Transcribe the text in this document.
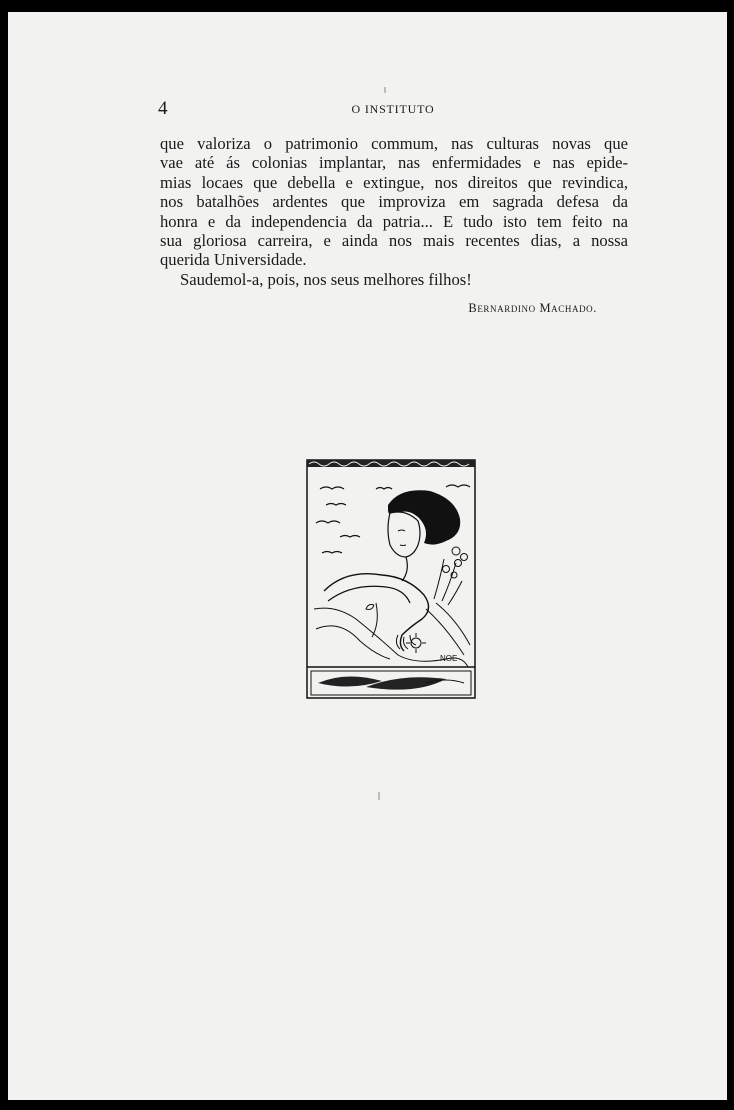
4	O INSTITUTO
que valoriza o patrimonio commum, nas culturas novas que
vae até ás colonias implantar, nas enfermidades e nas epide-
mias locaes que debella e extingue, nos direitos que revindica,
nos batalhões ardentes que improviza em sagrada defesa da
honra e da independencia da patria... E tudo isto tem feito na
sua gloriosa carreira, e ainda nos mais recentes dias, a nossa
querida Universidade.
Saudemol-a, pois, nos seus melhores filhos!
Bernardino Machado.
NOE
